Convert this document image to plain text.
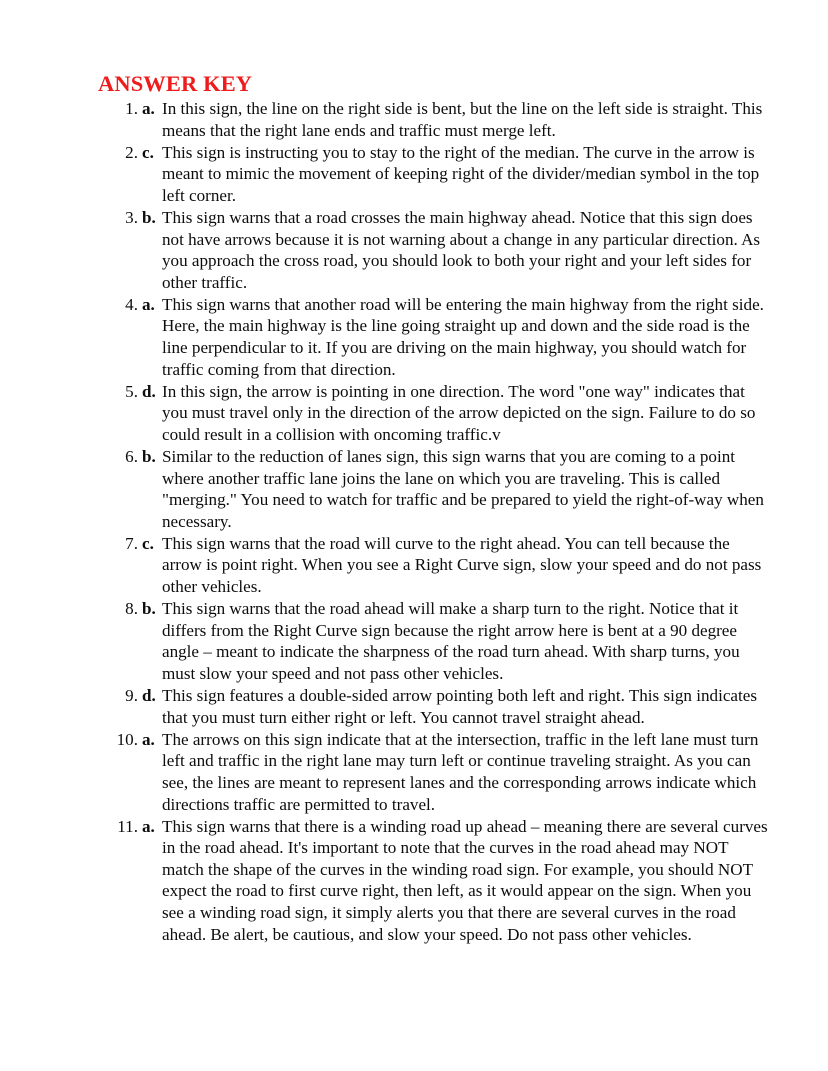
ANSWER KEY
1. a. In this sign, the line on the right side is bent, but the line on the left side is straight. This means that the right lane ends and traffic must merge left.
2. c. This sign is instructing you to stay to the right of the median. The curve in the arrow is meant to mimic the movement of keeping right of the divider/median symbol in the top left corner.
3. b. This sign warns that a road crosses the main highway ahead. Notice that this sign does not have arrows because it is not warning about a change in any particular direction. As you approach the cross road, you should look to both your right and your left sides for other traffic.
4. a. This sign warns that another road will be entering the main highway from the right side. Here, the main highway is the line going straight up and down and the side road is the line perpendicular to it. If you are driving on the main highway, you should watch for traffic coming from that direction.
5. d. In this sign, the arrow is pointing in one direction. The word "one way" indicates that you must travel only in the direction of the arrow depicted on the sign. Failure to do so could result in a collision with oncoming traffic.v
6. b. Similar to the reduction of lanes sign, this sign warns that you are coming to a point where another traffic lane joins the lane on which you are traveling. This is called "merging." You need to watch for traffic and be prepared to yield the right-of-way when necessary.
7. c. This sign warns that the road will curve to the right ahead. You can tell because the arrow is point right. When you see a Right Curve sign, slow your speed and do not pass other vehicles.
8. b. This sign warns that the road ahead will make a sharp turn to the right. Notice that it differs from the Right Curve sign because the right arrow here is bent at a 90 degree angle – meant to indicate the sharpness of the road turn ahead. With sharp turns, you must slow your speed and not pass other vehicles.
9. d. This sign features a double-sided arrow pointing both left and right. This sign indicates that you must turn either right or left. You cannot travel straight ahead.
10. a. The arrows on this sign indicate that at the intersection, traffic in the left lane must turn left and traffic in the right lane may turn left or continue traveling straight. As you can see, the lines are meant to represent lanes and the corresponding arrows indicate which directions traffic are permitted to travel.
11. a. This sign warns that there is a winding road up ahead – meaning there are several curves in the road ahead. It's important to note that the curves in the road ahead may NOT match the shape of the curves in the winding road sign. For example, you should NOT expect the road to first curve right, then left, as it would appear on the sign. When you see a winding road sign, it simply alerts you that there are several curves in the road ahead. Be alert, be cautious, and slow your speed. Do not pass other vehicles.
